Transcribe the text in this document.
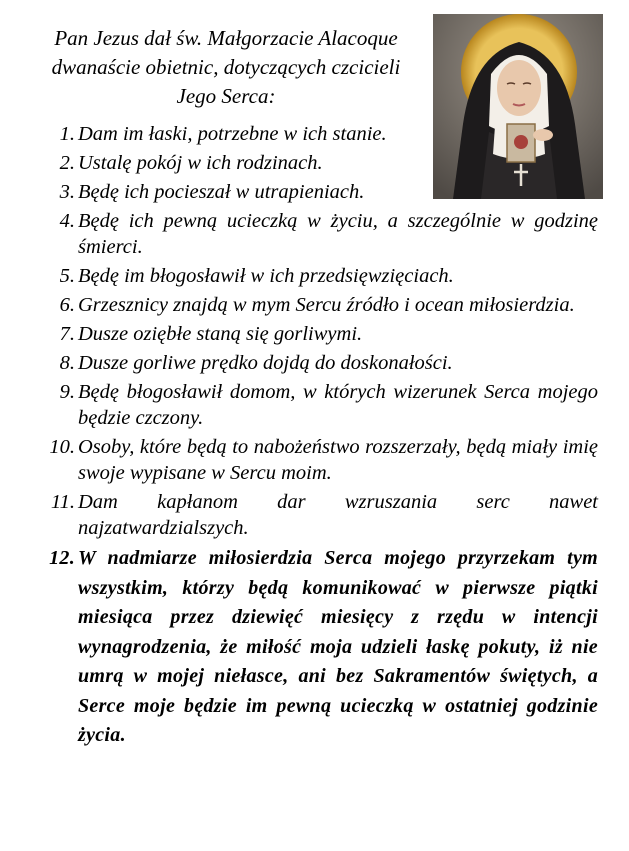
Pan Jezus dał św. Małgorzacie Alacoque
dwanaście obietnic, dotyczących czcicieli
Jego Serca:
1. Dam im łaski, potrzebne w ich stanie.
2. Ustalę pokój w ich rodzinach.
3. Będę ich pocieszał w utrapieniach.
4. Będę ich pewną ucieczką w życiu, a szczególnie w godzinę śmierci.
5. Będę im błogosławił w ich przedsięwzięciach.
6. Grzesznicy znajdą w mym Sercu źródło i ocean miłosierdzia.
7. Dusze oziębłe staną się gorliwymi.
8. Dusze gorliwe prędko dojdą do doskonałości.
9. Będę błogosławił domom, w których wizerunek Serca mojego będzie czczony.
10. Osoby, które będą to nabożeństwo rozszerzały, będą miały imię swoje wypisane w Sercu moim.
11. Dam kapłanom dar wzruszania serc nawet najzatwardzialszych.
12. W nadmiarze miłosierdzia Serca mojego przyrzekam tym wszystkim, którzy będą komunikować w pierwsze piątki miesiąca przez dziewięć miesięcy z rzędu w intencji wynagrodzenia, że miłość moja udzieli łaskę pokuty, iż nie umrą w mojej niełasce, ani bez Sakramentów świętych, a Serce moje będzie im pewną ucieczką w ostatniej godzinie życia.
